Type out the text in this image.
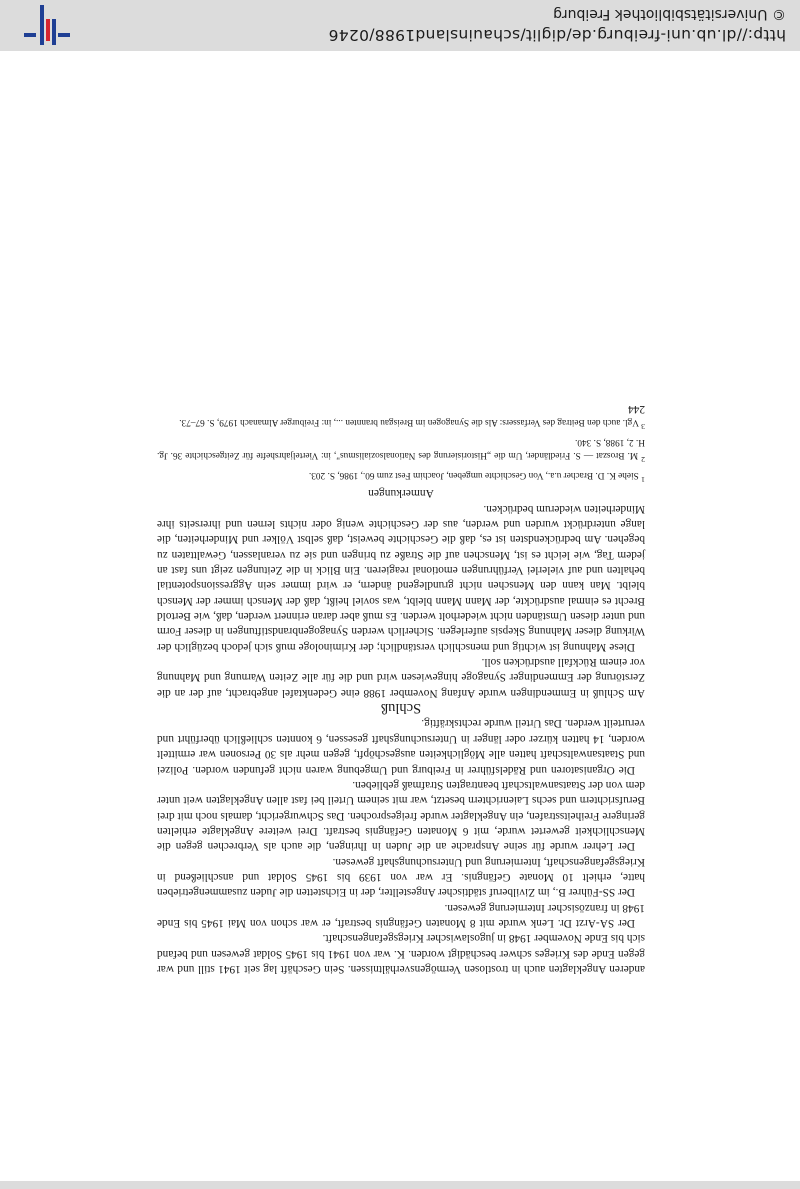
anderen Angeklagten auch in trostlosen Vermögensverhältnissen. Sein Geschäft lag seit 1941 still und war gegen Ende des Krieges schwer beschädigt worden. K. war von 1941 bis 1945 Soldat gewesen und befand sich bis Ende November 1948 in jugoslawischer Kriegsgefangenschaft.

Der SA-Arzt Dr. Lenk wurde mit 8 Monaten Gefängnis bestraft, er war schon von Mai 1945 bis Ende 1948 in französischer Internierung gewesen.

Der SS-Führer B., im Zivilberuf städtischer Angestellter, der in Eichstetten die Juden zusammengetrieben hatte, erhielt 10 Monate Gefängnis. Er war von 1939 bis 1945 Soldat und anschließend in Kriegsgefangenschaft, Internierung und Untersuchungshaft gewesen.

Der Lehrer wurde für seine Ansprache an die Juden in Ihringen, die auch als Verbrechen gegen die Menschlichkeit gewertet wurde, mit 6 Monaten Gefängnis bestraft. Drei weitere Angeklagte erhielten geringere Freiheitsstrafen, ein Angeklagter wurde freigesprochen. Das Schwurgericht, damals noch mit drei Berufsrichtern und sechs Laienrichtern besetzt, war mit seinem Urteil bei fast allen Angeklagten weit unter dem von der Staatsanwaltschaft beantragten Strafmaß geblieben.

Die Organisatoren und Rädelsführer in Freiburg und Umgebung waren nicht gefunden worden. Polizei und Staatsanwaltschaft hatten alle Möglichkeiten ausgeschöpft, gegen mehr als 30 Personen war ermittelt worden, 14 hatten kürzer oder länger in Untersuchungshaft gesessen, 6 konnten schließlich überführt und verurteilt werden. Das Urteil wurde rechtskräftig.

Schluß

Am Schluß in Emmendingen wurde Anfang November 1988 eine Gedenktafel angebracht, auf der an die Zerstörung der Emmendinger Synagoge hingewiesen wird und die für alle Zeiten Warnung und Mahnung vor einem Rückfall ausdrücken soll.

Diese Mahnung ist wichtig und menschlich verständlich; der Kriminologe muß sich jedoch bezüglich der Wirkung dieser Mahnung Skepsis auferlegen. Sicherlich werden Synagogenbrandstiftungen in dieser Form und unter diesen Umständen nicht wiederholt werden. Es muß aber daran erinnert werden, daß, wie Bertold Brecht es einmal ausdrückte, der Mann Mann bleibt, was soviel heißt, daß der Mensch immer der Mensch bleibt. Man kann den Menschen nicht grundlegend ändern, er wird immer sein Aggressionspotential behalten und auf vielerlei Verführungen emotional reagieren. Ein Blick in die Zeitungen zeigt uns fast an jedem Tag, wie leicht es ist, Menschen auf die Straße zu bringen und sie zu veranlassen, Gewalttaten zu begehen. Am bedrückendsten ist es, daß die Geschichte beweist, daß selbst Völker und Minderheiten, die lange unterdrückt wurden und werden, aus der Geschichte wenig oder nichts lernen und ihrerseits ihre Minderheiten wiederum bedrücken.

Anmerkungen

$^1$ Siehe K. D. Bracher u.a., Von Geschichte umgeben, Joachim Fest zum 60., 1986, S. 203.

$^2$ M. Broszat — S. Friedländer, Um die „Historisierung des Nationalsozialismus", in: Vierteljahrshefte für Zeitgeschichte 36. Jg. H. 2, 1988, S. 340.

$^3$ Vgl. auch den Beitrag des Verfassers: Als die Synagogen im Breisgau brannten ..., in: Freiburger Almanach 1979, S. 67–73.

244

http://dl.ub.uni-freiburg.de/diglit/schauinsland1988/0246
© Universitätsbibliothek Freiburg
